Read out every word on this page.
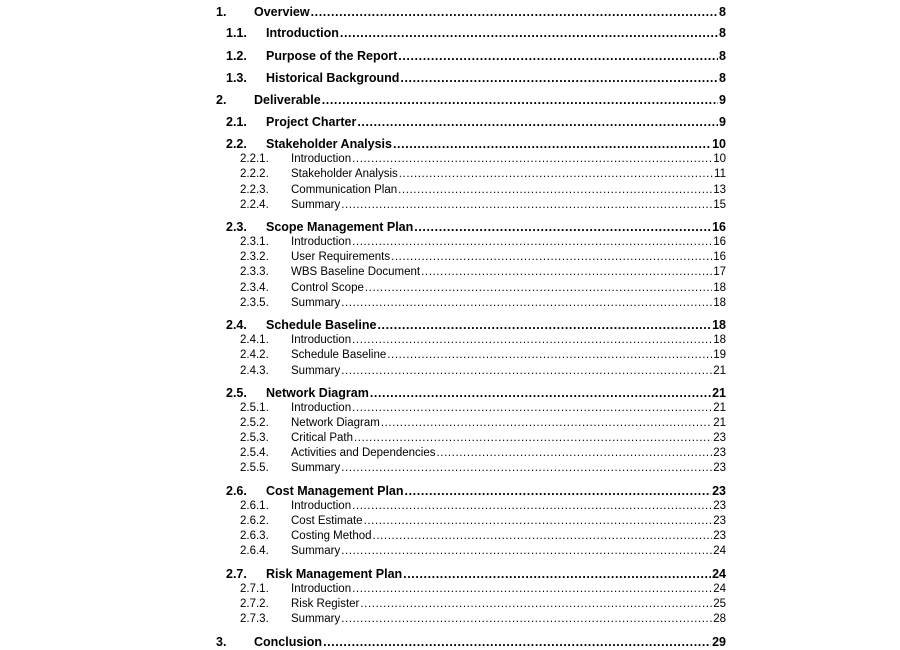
1.	Overview .....	8
1.1.	Introduction .....	8
1.2.	Purpose of the Report .....	8
1.3.	Historical Background .....	8
2.	Deliverable .....	9
2.1.	Project Charter .....	9
2.2.	Stakeholder Analysis .....	10
2.2.1.	Introduction .....	10
2.2.2.	Stakeholder Analysis .....	11
2.2.3.	Communication Plan .....	13
2.2.4.	Summary .....	15
2.3.	Scope Management Plan .....	16
2.3.1.	Introduction .....	16
2.3.2.	User Requirements .....	16
2.3.3.	WBS Baseline Document .....	17
2.3.4.	Control Scope .....	18
2.3.5.	Summary .....	18
2.4.	Schedule Baseline .....	18
2.4.1.	Introduction .....	18
2.4.2.	Schedule Baseline .....	19
2.4.3.	Summary .....	21
2.5.	Network Diagram .....	21
2.5.1.	Introduction .....	21
2.5.2.	Network Diagram .....	21
2.5.3.	Critical Path .....	23
2.5.4.	Activities and Dependencies .....	23
2.5.5.	Summary .....	23
2.6.	Cost Management Plan .....	23
2.6.1.	Introduction .....	23
2.6.2.	Cost Estimate .....	23
2.6.3.	Costing Method .....	23
2.6.4.	Summary .....	24
2.7.	Risk Management Plan .....	24
2.7.1.	Introduction .....	24
2.7.2.	Risk Register .....	25
2.7.3.	Summary .....	28
3.	Conclusion .....	29
